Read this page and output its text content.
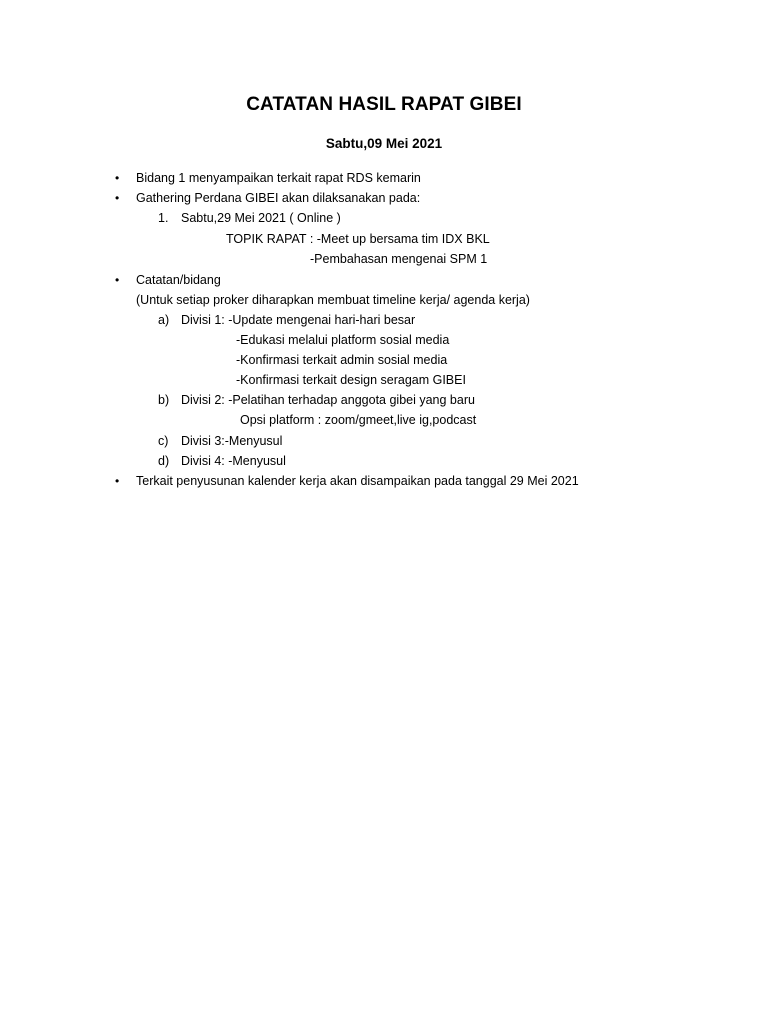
CATATAN HASIL RAPAT GIBEI
Sabtu,09 Mei 2021
• Bidang 1 menyampaikan terkait rapat RDS kemarin
• Gathering Perdana GIBEI akan dilaksanakan pada:
1. Sabtu,29 Mei 2021 ( Online )
TOPIK RAPAT : -Meet up bersama tim IDX BKL
-Pembahasan mengenai SPM 1
• Catatan/bidang
(Untuk setiap proker diharapkan membuat timeline kerja/ agenda kerja)
a) Divisi 1: -Update mengenai hari-hari besar
-Edukasi melalui platform sosial media
-Konfirmasi terkait admin sosial media
-Konfirmasi terkait design seragam GIBEI
b) Divisi 2: -Pelatihan terhadap anggota gibei yang baru
Opsi platform : zoom/gmeet,live ig,podcast
c) Divisi 3:-Menyusul
d) Divisi 4: -Menyusul
• Terkait penyusunan kalender kerja akan disampaikan pada tanggal 29 Mei 2021
